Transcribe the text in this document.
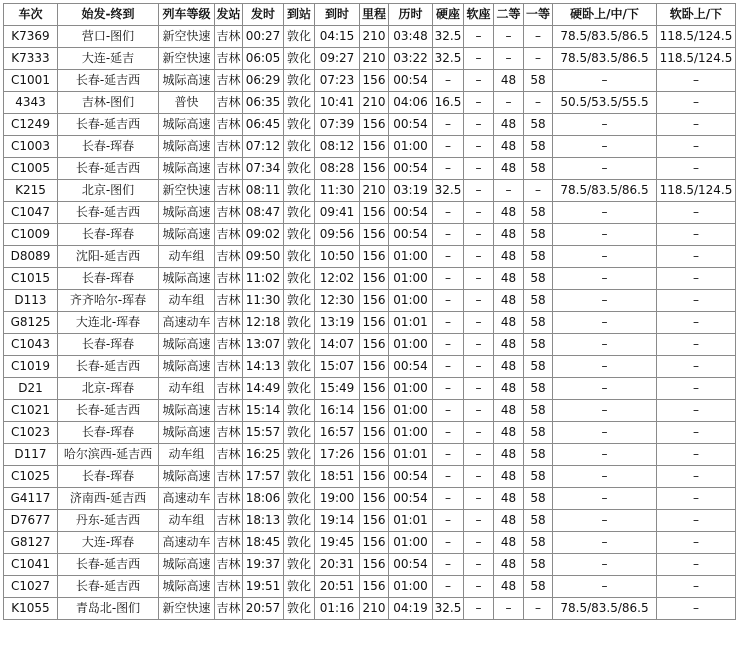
车次	始发-终到	列车等级	发站	发时	到站	到时	里程	历时	硬座	软座	二等	一等	硬卧上/中/下	软卧上/下
K7369	营口-图们	新空快速	吉林	00:27	敦化	04:15	210	03:48	32.5	–	–	–	78.5/83.5/86.5	118.5/124.5
K7333	大连-延吉	新空快速	吉林	06:05	敦化	09:27	210	03:22	32.5	–	–	–	78.5/83.5/86.5	118.5/124.5
C1001	长春-延吉西	城际高速	吉林	06:29	敦化	07:23	156	00:54	–	–	48	58	–	–
4343	吉林-图们	普快	吉林	06:35	敦化	10:41	210	04:06	16.5	–	–	–	50.5/53.5/55.5	–
C1249	长春-延吉西	城际高速	吉林	06:45	敦化	07:39	156	00:54	–	–	48	58	–	–
C1003	长春-珲春	城际高速	吉林	07:12	敦化	08:12	156	01:00	–	–	48	58	–	–
C1005	长春-延吉西	城际高速	吉林	07:34	敦化	08:28	156	00:54	–	–	48	58	–	–
K215	北京-图们	新空快速	吉林	08:11	敦化	11:30	210	03:19	32.5	–	–	–	78.5/83.5/86.5	118.5/124.5
C1047	长春-延吉西	城际高速	吉林	08:47	敦化	09:41	156	00:54	–	–	48	58	–	–
C1009	长春-珲春	城际高速	吉林	09:02	敦化	09:56	156	00:54	–	–	48	58	–	–
D8089	沈阳-延吉西	动车组	吉林	09:50	敦化	10:50	156	01:00	–	–	48	58	–	–
C1015	长春-珲春	城际高速	吉林	11:02	敦化	12:02	156	01:00	–	–	48	58	–	–
D113	齐齐哈尔-珲春	动车组	吉林	11:30	敦化	12:30	156	01:00	–	–	48	58	–	–
G8125	大连北-珲春	高速动车	吉林	12:18	敦化	13:19	156	01:01	–	–	48	58	–	–
C1043	长春-珲春	城际高速	吉林	13:07	敦化	14:07	156	01:00	–	–	48	58	–	–
C1019	长春-延吉西	城际高速	吉林	14:13	敦化	15:07	156	00:54	–	–	48	58	–	–
D21	北京-珲春	动车组	吉林	14:49	敦化	15:49	156	01:00	–	–	48	58	–	–
C1021	长春-延吉西	城际高速	吉林	15:14	敦化	16:14	156	01:00	–	–	48	58	–	–
C1023	长春-珲春	城际高速	吉林	15:57	敦化	16:57	156	01:00	–	–	48	58	–	–
D117	哈尔滨西-延吉西	动车组	吉林	16:25	敦化	17:26	156	01:01	–	–	48	58	–	–
C1025	长春-珲春	城际高速	吉林	17:57	敦化	18:51	156	00:54	–	–	48	58	–	–
G4117	济南西-延吉西	高速动车	吉林	18:06	敦化	19:00	156	00:54	–	–	48	58	–	–
D7677	丹东-延吉西	动车组	吉林	18:13	敦化	19:14	156	01:01	–	–	48	58	–	–
G8127	大连-珲春	高速动车	吉林	18:45	敦化	19:45	156	01:00	–	–	48	58	–	–
C1041	长春-延吉西	城际高速	吉林	19:37	敦化	20:31	156	00:54	–	–	48	58	–	–
C1027	长春-延吉西	城际高速	吉林	19:51	敦化	20:51	156	01:00	–	–	48	58	–	–
K1055	青岛北-图们	新空快速	吉林	20:57	敦化	01:16	210	04:19	32.5	–	–	–	78.5/83.5/86.5	–
